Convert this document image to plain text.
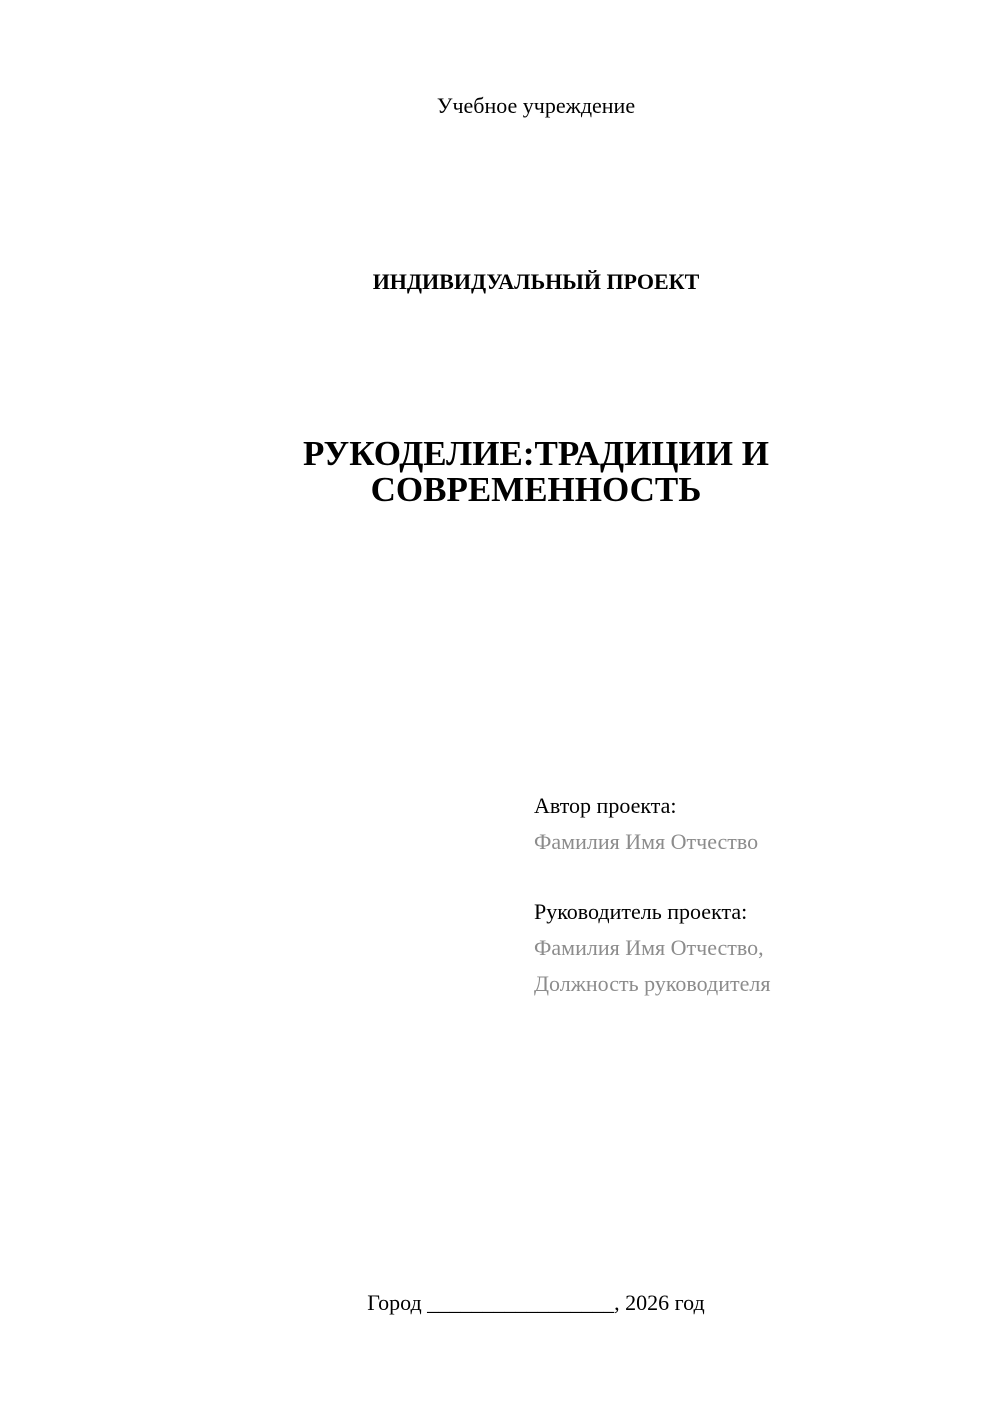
Учебное учреждение
ИНДИВИДУАЛЬНЫЙ ПРОЕКТ
РУКОДЕЛИЕ:ТРАДИЦИИ И
СОВРЕМЕННОСТЬ
Автор проекта:
Фамилия Имя Отчество
Руководитель проекта:
Фамилия Имя Отчество,
Должность руководителя
Город _________________, 2026 год
